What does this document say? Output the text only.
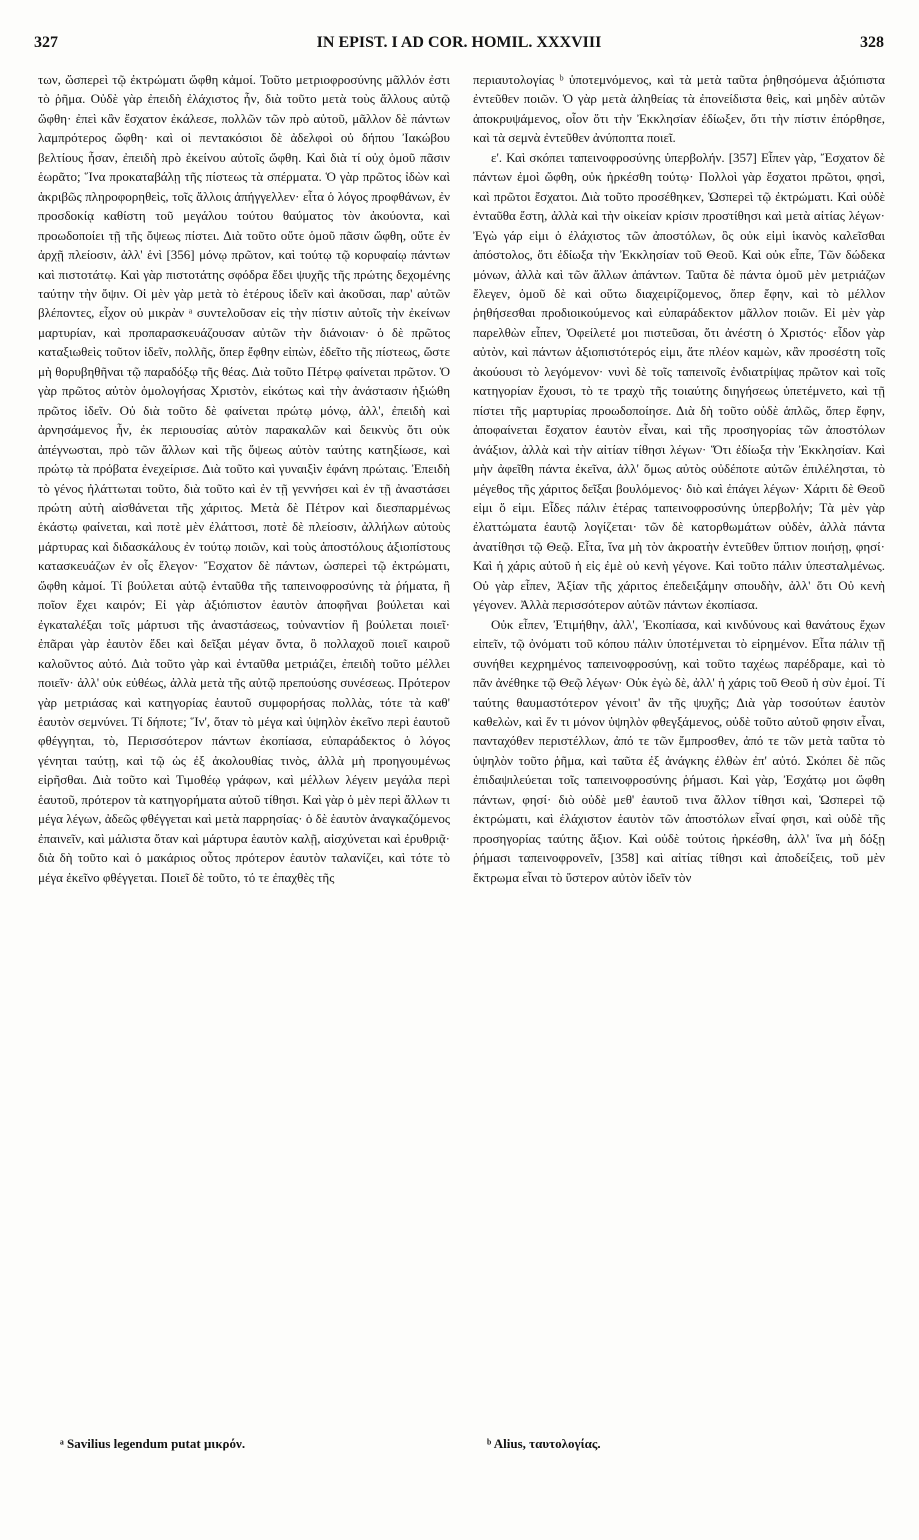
327	IN EPIST. I AD COR. HOMIL. XXXVIII	328

των, ὥσπερεὶ τῷ ἐκτρώματι ὤφθη κἀμοί. Τοῦτο μετριοφροσύνης μᾶλλόν ἐστι τὸ ῥῆμα. Οὐδὲ γὰρ ἐπειδὴ ἐλάχιστος ἦν, διὰ τοῦτο μετὰ τοὺς ἄλλους αὐτῷ ὤφθη· ἐπεὶ κἂν ἔσχατον ἐκάλεσε, πολλῶν τῶν πρὸ αὐτοῦ, μᾶλλον δὲ πάντων λαμπρότερος ὤφθη· καὶ οἱ πεντακόσιοι δὲ ἀδελφοὶ οὐ δήπου Ἰακώβου βελτίους ἦσαν, ἐπειδὴ πρὸ ἐκείνου αὐτοῖς ὤφθη. Καὶ διὰ τί οὐχ ὁμοῦ πᾶσιν ἑωρᾶτο; Ἵνα προκαταβάλῃ τῆς πίστεως τὰ σπέρματα. Ὁ γὰρ πρῶτος ἰδὼν καὶ ἀκριβῶς πληροφορηθεὶς, τοῖς ἄλλοις ἀπήγγελλεν· εἶτα ὁ λόγος προφθάνων, ἐν προσδοκίᾳ καθίστη τοῦ μεγάλου τούτου θαύματος τὸν ἀκούοντα, καὶ προωδοποίει τῇ τῆς ὄψεως πίστει. Διὰ τοῦτο οὔτε ὁμοῦ πᾶσιν ὤφθη, οὔτε ἐν ἀρχῇ πλείοσιν, ἀλλ' ἑνὶ [356] μόνῳ πρῶτον, καὶ τούτῳ τῷ κορυφαίῳ πάντων καὶ πιστοτάτῳ. Καὶ γὰρ πιστοτάτης σφόδρα ἔδει ψυχῆς τῆς πρώτης δεχομένης ταύτην τὴν ὄψιν. Οἱ μὲν γὰρ μετὰ τὸ ἑτέρους ἰδεῖν καὶ ἀκοῦσαι, παρ' αὐτῶν βλέποντες, εἶχον οὐ μικρὰν ᵃ συντελοῦσαν εἰς τὴν πίστιν αὐτοῖς τὴν ἐκείνων μαρτυρίαν, καὶ προπαρασκευάζουσαν αὐτῶν τὴν διάνοιαν· ὁ δὲ πρῶτος καταξιωθεὶς τοῦτον ἰδεῖν, πολλῆς, ὅπερ ἔφθην εἰπὼν, ἐδεῖτο τῆς πίστεως, ὥστε μὴ θορυβηθῆναι τῷ παραδόξῳ τῆς θέας. Διὰ τοῦτο Πέτρῳ φαίνεται πρῶτον. Ὁ γὰρ πρῶτος αὐτὸν ὁμολογήσας Χριστὸν, εἰκότως καὶ τὴν ἀνάστασιν ἠξιώθη πρῶτος ἰδεῖν. Οὐ διὰ τοῦτο δὲ φαίνεται πρώτῳ μόνῳ, ἀλλ', ἐπειδὴ καὶ ἀρνησάμενος ἦν, ἐκ περιουσίας αὐτὸν παρακαλῶν καὶ δεικνὺς ὅτι οὐκ ἀπέγνωσται, πρὸ τῶν ἄλλων καὶ τῆς ὄψεως αὐτὸν ταύτης κατηξίωσε, καὶ πρώτῳ τὰ πρόβατα ἐνεχείρισε. Διὰ τοῦτο καὶ γυναιξὶν ἐφάνη πρώταις. Ἐπειδὴ τὸ γένος ἠλάττωται τοῦτο, διὰ τοῦτο καὶ ἐν τῇ γεννήσει καὶ ἐν τῇ ἀναστάσει πρώτη αὐτὴ αἰσθάνεται τῆς χάριτος. Μετὰ δὲ Πέτρον καὶ διεσπαρμένως ἑκάστῳ φαίνεται, καὶ ποτὲ μὲν ἐλάττοσι, ποτὲ δὲ πλείοσιν, ἀλλήλων αὐτοὺς μάρτυρας καὶ διδασκάλους ἐν τούτῳ ποιῶν, καὶ τοὺς ἀποστόλους ἀξιοπίστους κατασκευάζων ἐν οἷς ἔλεγον· Ἔσχατον δὲ πάντων, ὡσπερεὶ τῷ ἐκτρώματι, ὤφθη κἀμοί. Τί βούλεται αὐτῷ ἐνταῦθα τῆς ταπεινοφροσύνης τὰ ῥήματα, ἢ ποῖον ἔχει καιρόν; Εἰ γὰρ ἀξιόπιστον ἑαυτὸν ἀποφῆναι βούλεται καὶ ἐγκαταλέξαι τοῖς μάρτυσι τῆς ἀναστάσεως, τοὐναντίον ἢ βούλεται ποιεῖ· ἐπᾶραι γὰρ ἑαυτὸν ἔδει καὶ δεῖξαι μέγαν ὄντα, ὃ πολλαχοῦ ποιεῖ καιροῦ καλοῦντος αὐτό. Διὰ τοῦτο γὰρ καὶ ἐνταῦθα μετριάζει, ἐπειδὴ τοῦτο μέλλει ποιεῖν· ἀλλ' οὐκ εὐθέως, ἀλλὰ μετὰ τῆς αὐτῷ πρεπούσης συνέσεως. Πρότερον γὰρ μετριάσας καὶ κατηγορίας ἑαυτοῦ συμφορήσας πολλὰς, τότε τὰ καθ' ἑαυτὸν σεμνύνει. Τί δήποτε; Ἵν', ὅταν τὸ μέγα καὶ ὑψηλὸν ἐκεῖνο περὶ ἑαυτοῦ φθέγγηται, τὸ, Περισσότερον πάντων ἐκοπίασα, εὐπαράδεκτος ὁ λόγος γένηται ταύτῃ, καὶ τῷ ὡς ἐξ ἀκολουθίας τινὸς, ἀλλὰ μὴ προηγουμένως εἰρῆσθαι. Διὰ τοῦτο καὶ Τιμοθέῳ γράφων, καὶ μέλλων λέγειν μεγάλα περὶ ἑαυτοῦ, πρότερον τὰ κατηγορήματα αὐτοῦ τίθησι. Καὶ γὰρ ὁ μὲν περὶ ἄλλων τι μέγα λέγων, ἀδεῶς φθέγγεται καὶ μετὰ παρρησίας· ὁ δὲ ἑαυτὸν ἀναγκαζόμενος ἐπαινεῖν, καὶ μάλιστα ὅταν καὶ μάρτυρα ἑαυτὸν καλῇ, αἰσχύνεται καὶ ἐρυθριᾷ· διὰ δὴ τοῦτο καὶ ὁ μακάριος οὗτος πρότερον ἑαυτὸν ταλανίζει, καὶ τότε τὸ μέγα ἐκεῖνο φθέγγεται. Ποιεῖ δὲ τοῦτο, τό τε ἐπαχθὲς τῆς

περιαυτολογίας ᵇ ὑποτεμνόμενος, καὶ τὰ μετὰ ταῦτα ῥηθησόμενα ἀξιόπιστα ἐντεῦθεν ποιῶν. Ὁ γὰρ μετὰ ἀληθείας τὰ ἐπονείδιστα θεὶς, καὶ μηδὲν αὐτῶν ἀποκρυψάμενος, οἷον ὅτι τὴν Ἐκκλησίαν ἐδίωξεν, ὅτι τὴν πίστιν ἐπόρθησε, καὶ τὰ σεμνὰ ἐντεῦθεν ἀνύποπτα ποιεῖ.

ε'. Καὶ σκόπει ταπεινοφροσύνης ὑπερβολήν. [357] Εἶπεν γὰρ, Ἔσχατον δὲ πάντων ἐμοὶ ὤφθη, οὐκ ἠρκέσθη τούτῳ· Πολλοὶ γὰρ ἔσχατοι πρῶτοι, φησὶ, καὶ πρῶτοι ἔσχατοι. Διὰ τοῦτο προσέθηκεν, Ὡσπερεὶ τῷ ἐκτρώματι. Καὶ οὐδὲ ἐνταῦθα ἔστη, ἀλλὰ καὶ τὴν οἰκείαν κρίσιν προστίθησι καὶ μετὰ αἰτίας λέγων· Ἐγὼ γάρ εἰμι ὁ ἐλάχιστος τῶν ἀποστόλων, ὃς οὐκ εἰμὶ ἱκανὸς καλεῖσθαι ἀπόστολος, ὅτι ἐδίωξα τὴν Ἐκκλησίαν τοῦ Θεοῦ. Καὶ οὐκ εἶπε, Τῶν δώδεκα μόνων, ἀλλὰ καὶ τῶν ἄλλων ἁπάντων. Ταῦτα δὲ πάντα ὁμοῦ μὲν μετριάζων ἔλεγεν, ὁμοῦ δὲ καὶ οὕτω διαχειρίζομενος, ὅπερ ἔφην, καὶ τὸ μέλλον ῥηθήσεσθαι προδιοικούμενος καὶ εὐπαράδεκτον μᾶλλον ποιῶν. Εἰ μὲν γὰρ παρελθὼν εἶπεν, Ὀφείλετέ μοι πιστεῦσαι, ὅτι ἀνέστη ὁ Χριστός· εἶδον γὰρ αὐτὸν, καὶ πάντων ἀξιοπιστότερός εἰμι, ἅτε πλέον καμὼν, κἂν προσέστη τοῖς ἀκούουσι τὸ λεγόμενον· νυνὶ δὲ τοῖς ταπεινοῖς ἐνδιατρίψας πρῶτον καὶ τοῖς κατηγορίαν ἔχουσι, τὸ τε τραχὺ τῆς τοιαύτης διηγήσεως ὑπετέμνετο, καὶ τῇ πίστει τῆς μαρτυρίας προωδοποίησε. Διὰ δὴ τοῦτο οὐδὲ ἁπλῶς, ὅπερ ἔφην, ἀποφαίνεται ἔσχατον ἑαυτὸν εἶναι, καὶ τῆς προσηγορίας τῶν ἀποστόλων ἀνάξιον, ἀλλὰ καὶ τὴν αἰτίαν τίθησι λέγων· Ὅτι ἐδίωξα τὴν Ἐκκλησίαν. Καὶ μὴν ἀφεῖθη πάντα ἐκεῖνα, ἀλλ' ὅμως αὐτὸς οὐδέποτε αὐτῶν ἐπιλέλησται, τὸ μέγεθος τῆς χάριτος δεῖξαι βουλόμενος· διὸ καὶ ἐπάγει λέγων· Χάριτι δὲ Θεοῦ εἰμι ὅ εἰμι. Εἶδες πάλιν ἑτέρας ταπεινοφροσύνης ὑπερβολήν; Τὰ μὲν γὰρ ἐλαττώματα ἑαυτῷ λογίζεται· τῶν δὲ κατορθωμάτων οὐδὲν, ἀλλὰ πάντα ἀνατίθησι τῷ Θεῷ. Εἶτα, ἵνα μὴ τὸν ἀκροατὴν ἐντεῦθεν ὕπτιον ποιήσῃ, φησί· Καὶ ἡ χάρις αὐτοῦ ἡ εἰς ἐμὲ οὐ κενὴ γέγονε. Καὶ τοῦτο πάλιν ὑπεσταλμένως. Οὐ γὰρ εἶπεν, Ἀξίαν τῆς χάριτος ἐπεδειξάμην σπουδὴν, ἀλλ' ὅτι Οὐ κενὴ γέγονεν. Ἀλλὰ περισσότερον αὐτῶν πάντων ἐκοπίασα.

Οὐκ εἶπεν, Ἐτιμήθην, ἀλλ', Ἐκοπίασα, καὶ κινδύνους καὶ θανάτους ἔχων εἰπεῖν, τῷ ὀνόματι τοῦ κόπου πάλιν ὑποτέμνεται τὸ εἰρημένον. Εἶτα πάλιν τῇ συνήθει κεχρημένος ταπεινοφροσύνῃ, καὶ τοῦτο ταχέως παρέδραμε, καὶ τὸ πᾶν ἀνέθηκε τῷ Θεῷ λέγων· Οὐκ ἐγὼ δὲ, ἀλλ' ἡ χάρις τοῦ Θεοῦ ἡ σὺν ἐμοί. Τί ταύτης θαυμαστότερον γένοιτ' ἂν τῆς ψυχῆς; Διὰ γὰρ τοσούτων ἑαυτὸν καθελὼν, καὶ ἕν τι μόνον ὑψηλὸν φθεγξάμενος, οὐδὲ τοῦτο αὐτοῦ φησιν εἶναι, πανταχόθεν περιστέλλων, ἀπό τε τῶν ἔμπροσθεν, ἀπό τε τῶν μετὰ ταῦτα τὸ ὑψηλὸν τοῦτο ῥῆμα, καὶ ταῦτα ἐξ ἀνάγκης ἐλθὼν ἐπ' αὐτό. Σκόπει δὲ πῶς ἐπιδαψιλεύεται τοῖς ταπεινοφροσύνης ῥήμασι. Καὶ γὰρ, Ἐσχάτῳ μοι ὤφθη πάντων, φησί· διὸ οὐδὲ μεθ' ἑαυτοῦ τινα ἄλλον τίθησι καὶ, Ὡσπερεὶ τῷ ἐκτρώματι, καὶ ἐλάχιστον ἑαυτὸν τῶν ἀποστόλων εἶναί φησι, καὶ οὐδὲ τῆς προσηγορίας ταύτης ἄξιον. Καὶ οὐδὲ τούτοις ἠρκέσθη, ἀλλ' ἵνα μὴ δόξῃ ῥήμασι ταπεινοφρονεῖν, [358] καὶ αἰτίας τίθησι καὶ ἀποδείξεις, τοῦ μὲν ἔκτρωμα εἶναι τὸ ὕστερον αὐτὸν ἰδεῖν τὸν

ᵃ Savilius legendum putat μικρόν.	ᵇ Alius, ταυτολογίας.
